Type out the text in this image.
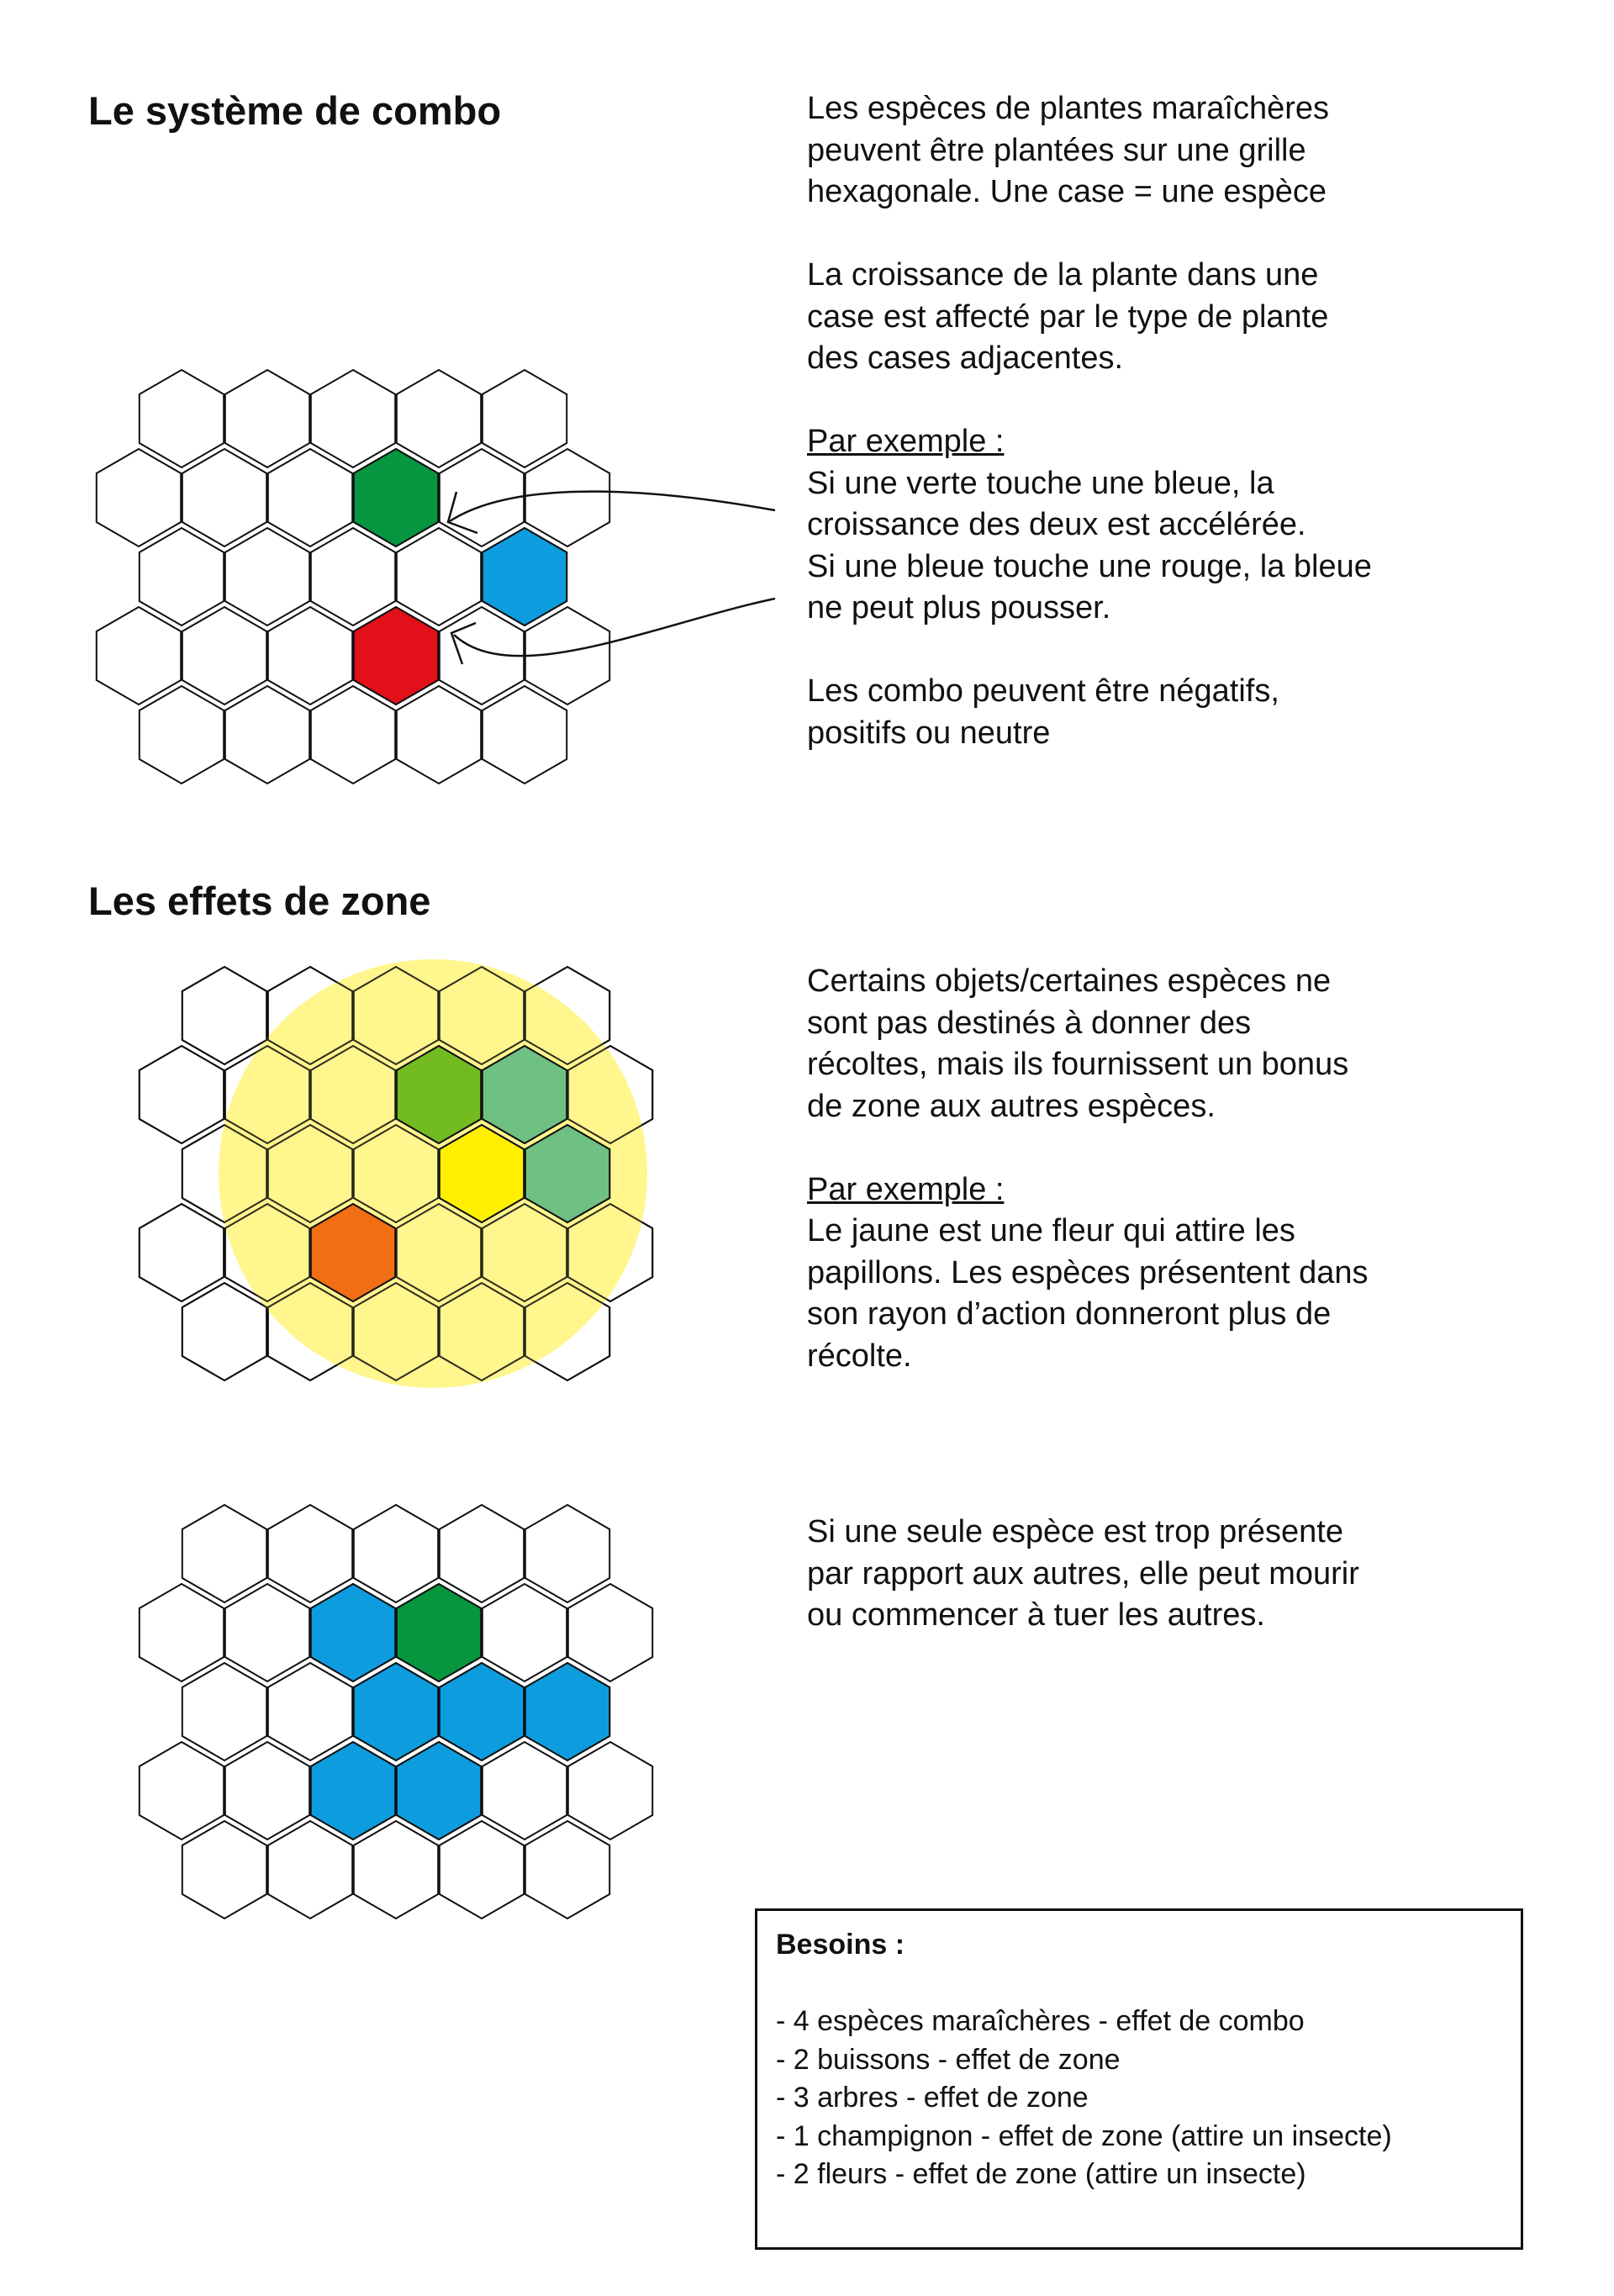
Le système de combo	Les espèces de plantes maraîchères
peuvent être plantées sur une grille
hexagonale. Une case = une espèce

La croissance de la plante dans une
case est affecté par le type de plante
des cases adjacentes.

Par exemple :
Si une verte touche une bleue, la
croissance des deux est accélérée.
Si une bleue touche une rouge, la bleue
ne peut plus pousser.

Les combo peuvent être négatifs,
positifs ou neutre

Les effets de zone

Certains objets/certaines espèces ne
sont pas destinés à donner des
récoltes, mais ils fournissent un bonus
de zone aux autres espèces.

Par exemple :
Le jaune est une fleur qui attire les
papillons. Les espèces présentent dans
son rayon d’action donneront plus de
récolte.

Si une seule espèce est trop présente
par rapport aux autres, elle peut mourir
ou commencer à tuer les autres.

Besoins :
- 4 espèces maraîchères - effet de combo
- 2 buissons - effet de zone
- 3 arbres - effet de zone
- 1 champignon - effet de zone (attire un insecte)
- 2 fleurs - effet de zone (attire un insecte)
